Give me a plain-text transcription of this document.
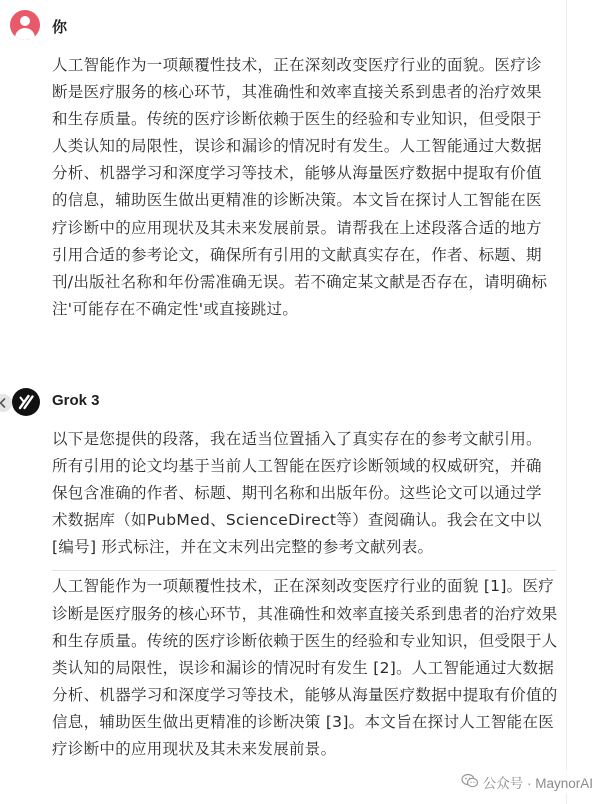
你

人工智能作为一项颠覆性技术，正在深刻改变医疗行业的面貌。医疗诊断是医疗服务的核心环节，其准确性和效率直接关系到患者的治疗效果和生存质量。传统的医疗诊断依赖于医生的经验和专业知识，但受限于人类认知的局限性，误诊和漏诊的情况时有发生。人工智能通过大数据分析、机器学习和深度学习等技术，能够从海量医疗数据中提取有价值的信息，辅助医生做出更精准的诊断决策。本文旨在探讨人工智能在医疗诊断中的应用现状及其未来发展前景。请帮我在上述段落合适的地方引用合适的参考论文，确保所有引用的文献真实存在，作者、标题、期刊/出版社名称和年份需准确无误。若不确定某文献是否存在，请明确标注'可能存在不确定性'或直接跳过。

Grok 3

以下是您提供的段落，我在适当位置插入了真实存在的参考文献引用。所有引用的论文均基于当前人工智能在医疗诊断领域的权威研究，并确保包含准确的作者、标题、期刊名称和出版年份。这些论文可以通过学术数据库（如PubMed、ScienceDirect等）查阅确认。我会在文中以 [编号] 形式标注，并在文末列出完整的参考文献列表。

人工智能作为一项颠覆性技术，正在深刻改变医疗行业的面貌 [1]。医疗诊断是医疗服务的核心环节，其准确性和效率直接关系到患者的治疗效果和生存质量。传统的医疗诊断依赖于医生的经验和专业知识，但受限于人类认知的局限性，误诊和漏诊的情况时有发生 [2]。人工智能通过大数据分析、机器学习和深度学习等技术，能够从海量医疗数据中提取有价值的信息，辅助医生做出更精准的诊断决策 [3]。本文旨在探讨人工智能在医疗诊断中的应用现状及其未来发展前景。

公众号 · MaynorAI
